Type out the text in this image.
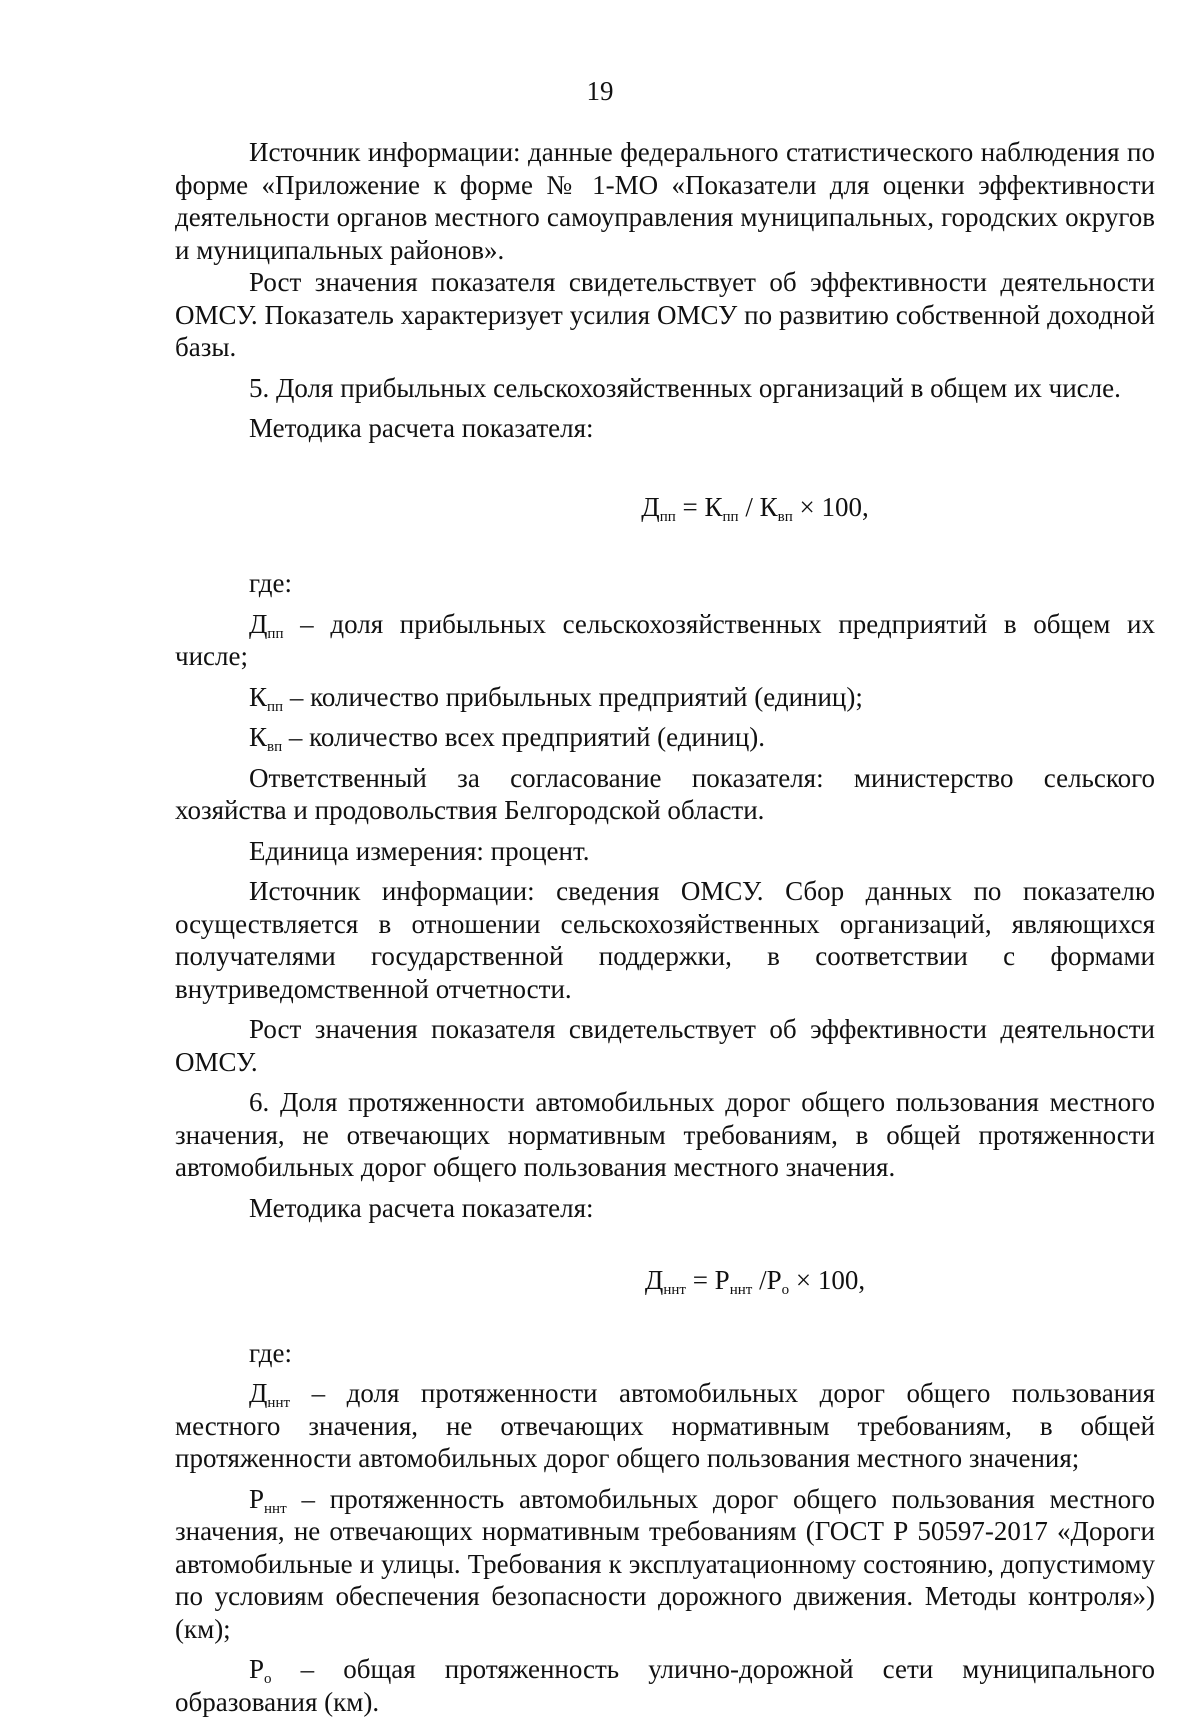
19

Источник информации: данные федерального статистического наблюдения по форме «Приложение к форме № 1-МО «Показатели для оценки эффективности деятельности органов местного самоуправления муниципальных, городских округов и муниципальных районов».

Рост значения показателя свидетельствует об эффективности деятельности ОМСУ. Показатель характеризует усилия ОМСУ по развитию собственной доходной базы.

5. Доля прибыльных сельскохозяйственных организаций в общем их числе.

Методика расчета показателя:

$Д_{пп} = К_{пп} / К_{вп} \times 100$,

где:

$Д_{пп}$ – доля прибыльных сельскохозяйственных предприятий в общем их числе;

$К_{пп}$ – количество прибыльных предприятий (единиц);

$К_{вп}$ – количество всех предприятий (единиц).

Ответственный за согласование показателя: министерство сельского хозяйства и продовольствия Белгородской области.

Единица измерения: процент.

Источник информации: сведения ОМСУ. Сбор данных по показателю осуществляется в отношении сельскохозяйственных организаций, являющихся получателями государственной поддержки, в соответствии с формами внутриведомственной отчетности.

Рост значения показателя свидетельствует об эффективности деятельности ОМСУ.

6. Доля протяженности автомобильных дорог общего пользования местного значения, не отвечающих нормативным требованиям, в общей протяженности автомобильных дорог общего пользования местного значения.

Методика расчета показателя:

$Д_{ннт} = Р_{ннт}$ $/Р_о \times 100$,

где:

$Д_{ннт}$ – доля протяженности автомобильных дорог общего пользования местного значения, не отвечающих нормативным требованиям, в общей протяженности автомобильных дорог общего пользования местного значения;

$Р_{ннт}$ – протяженность автомобильных дорог общего пользования местного значения, не отвечающих нормативным требованиям (ГОСТ Р 50597-2017 «Дороги автомобильные и улицы. Требования к эксплуатационному состоянию, допустимому по условиям обеспечения безопасности дорожного движения. Методы контроля») (км);

$Р_о$ – общая протяженность улично-дорожной сети муниципального образования (км).
